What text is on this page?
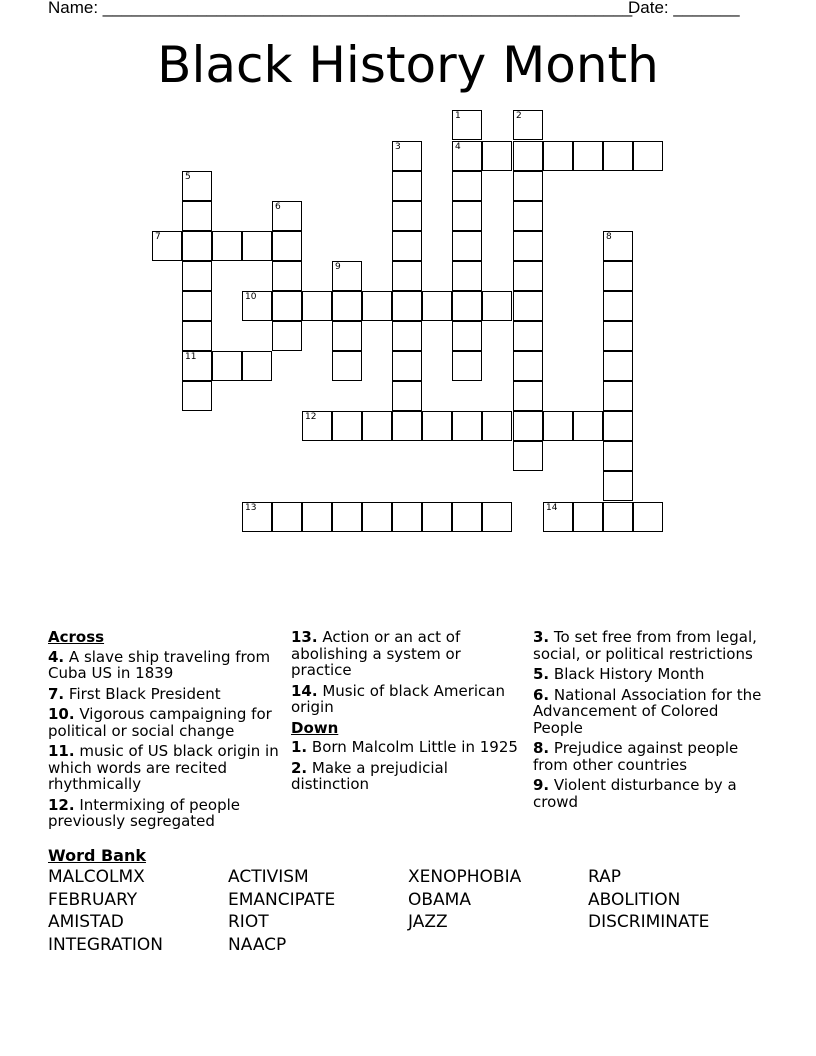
Name: ________________________________________________________
Date: _______
Black History Month
4
7
10
11
12
13	14
1	2
3
5
6
8
9
Across
4. A slave ship traveling from Cuba US in 1839
7. First Black President
10. Vigorous campaigning for political or social change
11. music of US black origin in which words are recited rhythmically
12. Intermixing of people previously segregated
13. Action or an act of abolishing a system or practice
14. Music of black American origin
Down
1. Born Malcolm Little in 1925
2. Make a prejudicial distinction
3. To set free from from legal, social, or political restrictions
5. Black History Month
6. National Association for the Advancement of Colored People
8. Prejudice against people from other countries
9. Violent disturbance by a crowd
Word Bank
MALCOLMX	ACTIVISM	XENOPHOBIA	RAP
FEBRUARY	EMANCIPATE	OBAMA	ABOLITION
AMISTAD	RIOT	JAZZ	DISCRIMINATE
INTEGRATION	NAACP
